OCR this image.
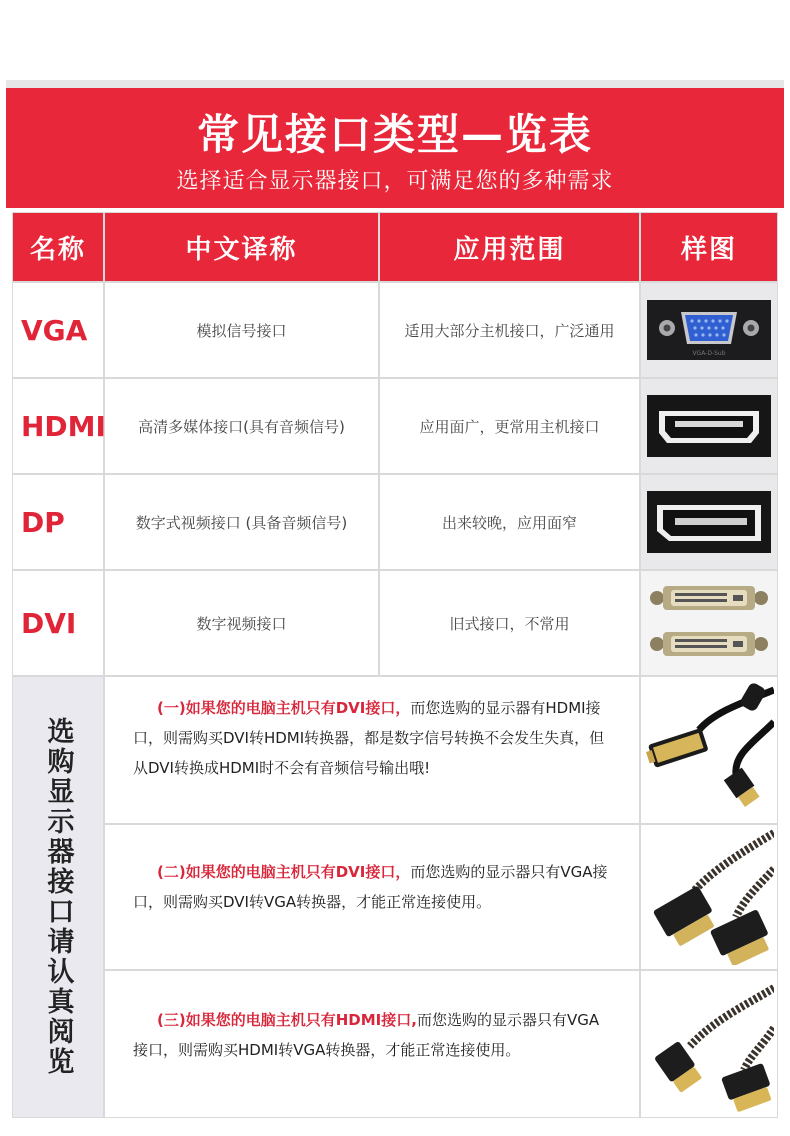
常见接口类型—览表
选择适合显示器接口，可满足您的多种需求
名称	中文译称	应用范围	样图
VGA	模拟信号接口	适用大部分主机接口，广泛通用
VGA-D-Sub
HDMI	高清多媒体接口(具有音频信号)	应用面广，更常用主机接口
DP	数字式视频接口 (具备音频信号)	出来较晚，应用面窄
DVI	数字视频接口	旧式接口，不常用
选购显示器接口请认真阅览
(一)如果您的电脑主机只有DVI接口，而您选购的显示器有HDMI接口，则需购买DVI转HDMI转换器，都是数字信号转换不会发生失真，但从DVI转换成HDMI时不会有音频信号输出哦!
(二)如果您的电脑主机只有DVI接口，而您选购的显示器只有VGA接口，则需购买DVI转VGA转换器，才能正常连接使用。
(三)如果您的电脑主机只有HDMI接口,而您选购的显示器只有VGA接口，则需购买HDMI转VGA转换器，才能正常连接使用。
